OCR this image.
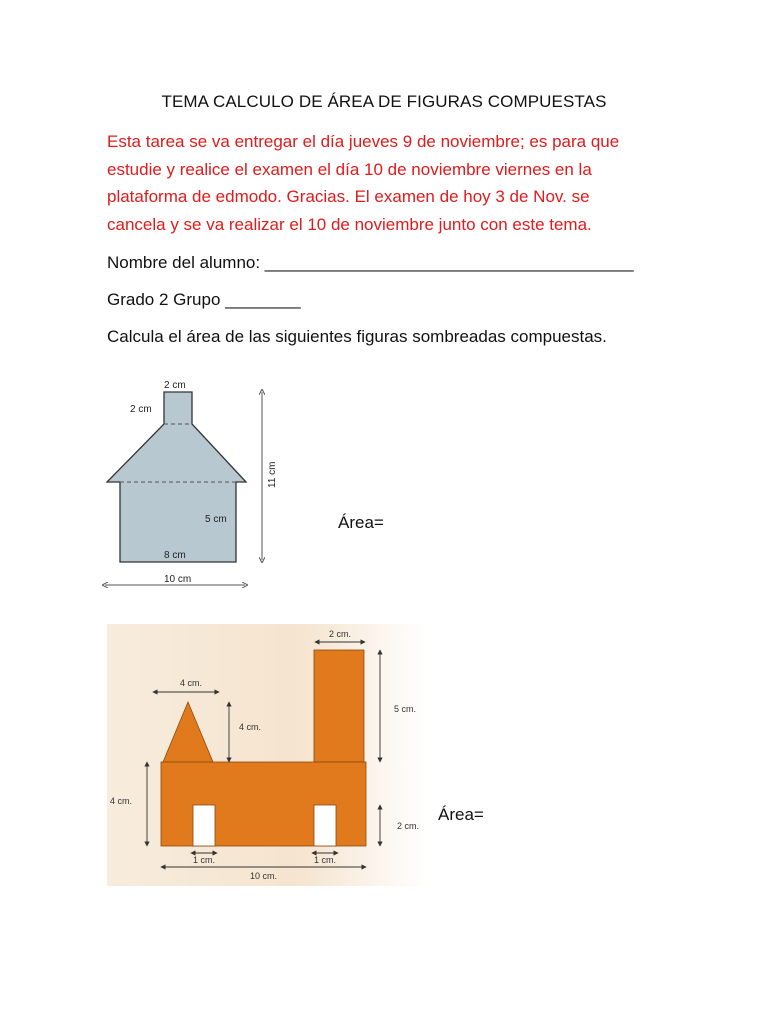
TEMA CALCULO DE ÁREA DE FIGURAS COMPUESTAS
Esta tarea se va entregar el día jueves 9 de noviembre; es para que
estudie y realice el examen el día 10 de noviembre viernes en la
plataforma de edmodo. Gracias. El examen de hoy 3 de Nov. se
cancela y se va realizar el 10 de noviembre junto con este tema.
Nombre del alumno: _______________________________________
Grado 2 Grupo ________
Calcula el área de las siguientes figuras sombreadas compuestas.
2 cm
2 cm
11 cm
5 cm
8 cm
10 cm
Área=
2 cm.
5 cm.
4 cm.
4 cm.
4 cm.
2 cm.
1 cm.	1 cm.
10 cm.
Área=
